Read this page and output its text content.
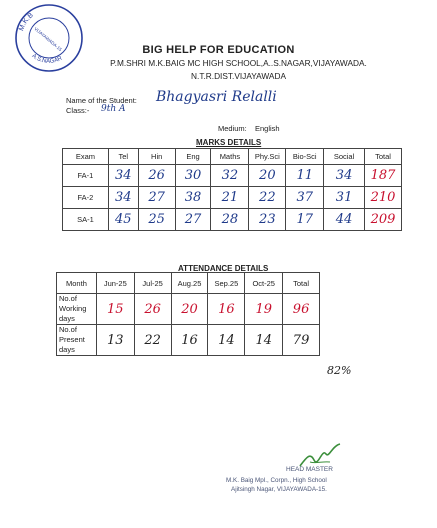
M.K.B
A.S.NAGAR
VIJAYAWADA-15	BIG HELP FOR EDUCATION
P.M.SHRI M.K.BAIG MC HIGH SCHOOL,A..S.NAGAR,VIJAYAWADA.
N.T.R.DIST.VIJAYAWADA
Name of the Student: Bhagyasri Relalli
Class:- 9th A
Medium: English
MARKS DETAILS
Exam	Tel	Hin	Eng	Maths	Phy.Sci	Bio-Sci	Social	Total
FA-1	34	26	30	32	20	11	34	187
FA-2	34	27	38	21	22	37	31	210
SA-1	45	25	27	28	23	17	44	209
ATTENDANCE DETAILS
Month	Jun-25	Jul-25	Aug.25	Sep.25	Oct-25	Total
No.of Working days	15	26	20	16	19	96
No.of Present days	13	22	16	14	14	79
82%
HEAD MASTER
M.K. Baig Mpl., Corpn., High School
Ajitsingh Nagar, VIJAYAWADA-15.
